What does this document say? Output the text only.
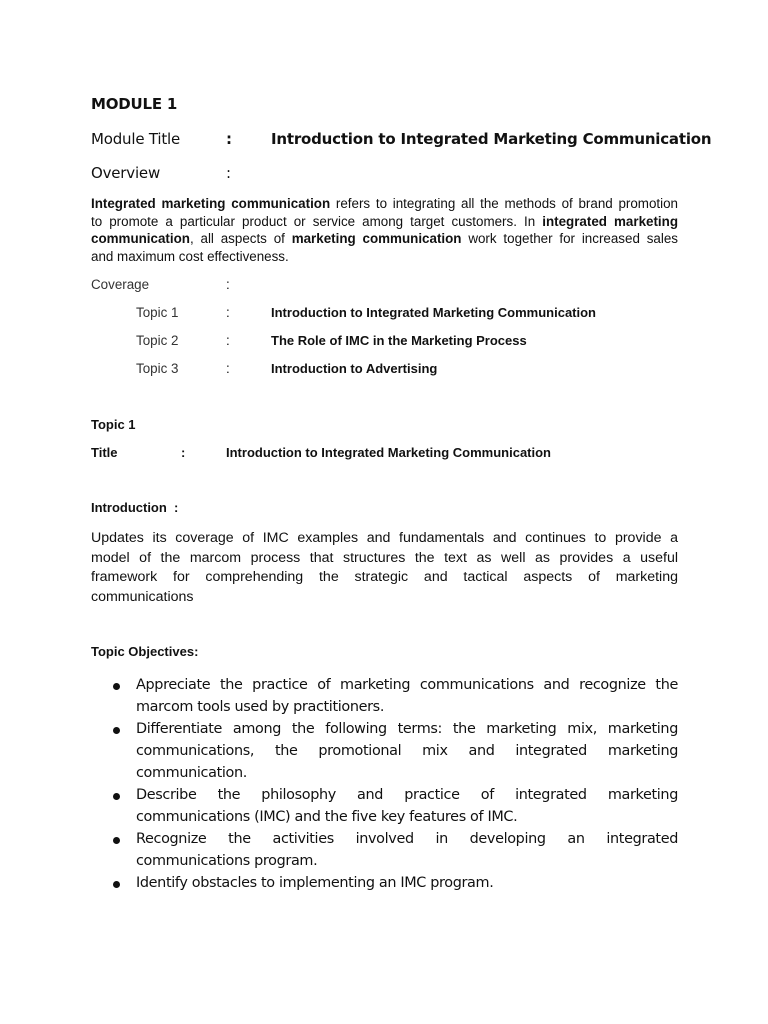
MODULE 1
Module Title	:	Introduction to Integrated Marketing Communication
Overview	:
Integrated marketing communication refers to integrating all the methods of brand promotion
to promote a particular product or service among target customers. In integrated marketing
communication, all aspects of marketing communication work together for increased sales
and maximum cost effectiveness.
Coverage	:
Topic 1	:	Introduction to Integrated Marketing Communication
Topic 2	:	The Role of IMC in the Marketing Process
Topic 3	:	Introduction to Advertising
Topic 1
Title	:	Introduction to Integrated Marketing Communication
Introduction  :
Updates its coverage of IMC examples and fundamentals and continues to provide a
model of the marcom process that structures the text as well as provides a useful
framework for comprehending the strategic and tactical aspects of marketing
communications
Topic Objectives:
Appreciate the practice of marketing communications and recognize the
marcom tools used by practitioners.
Differentiate among the following terms: the marketing mix, marketing
communications, the promotional mix and integrated marketing
communication.
Describe the philosophy and practice of integrated marketing
communications (IMC) and the five key features of IMC.
Recognize the activities involved in developing an integrated
communications program.
Identify obstacles to implementing an IMC program.
